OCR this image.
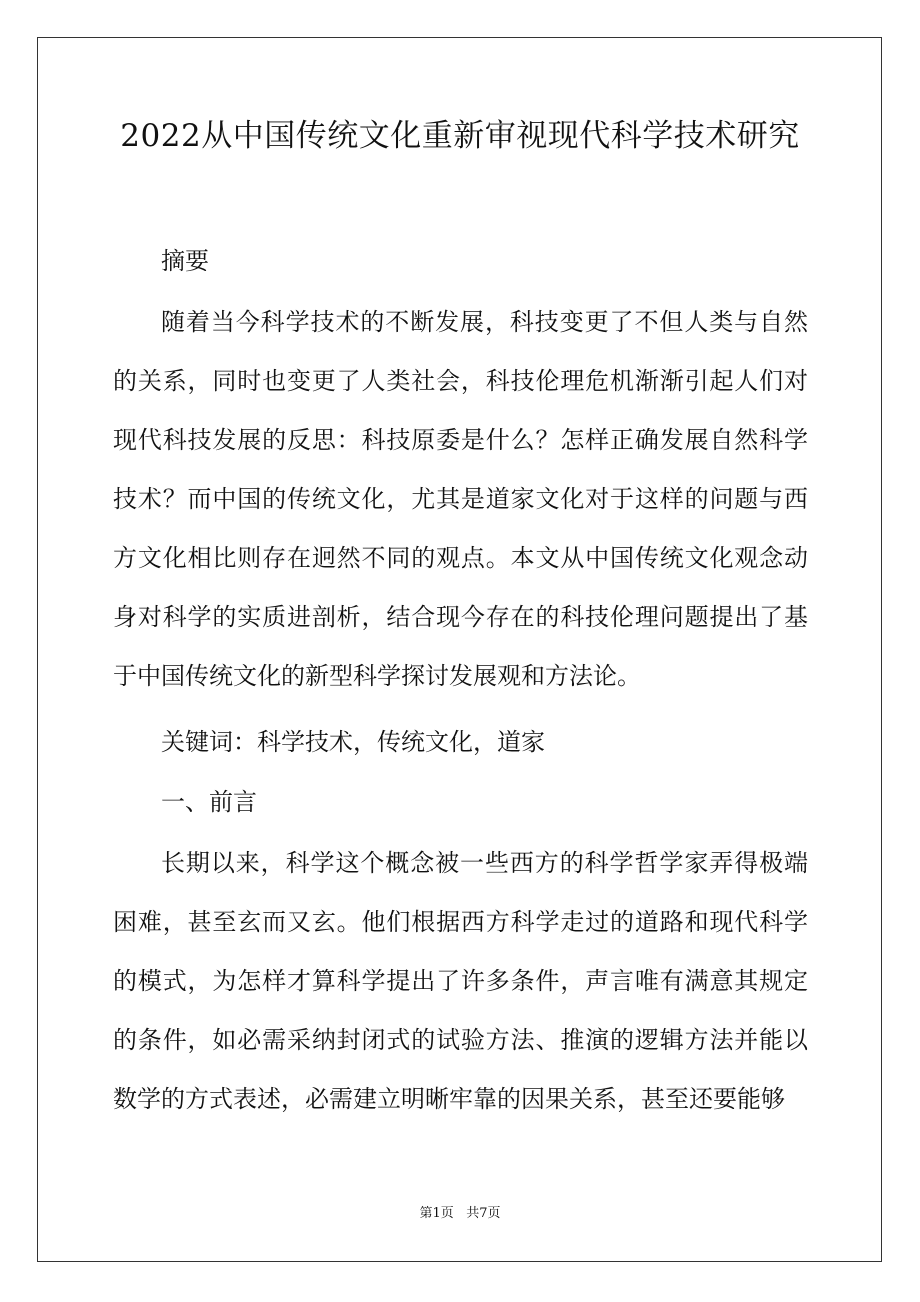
2022从中国传统文化重新审视现代科学技术研究

摘要

随着当今科学技术的不断发展，科技变更了不但人类与自然的关系，同时也变更了人类社会，科技伦理危机渐渐引起人们对现代科技发展的反思：科技原委是什么？怎样正确发展自然科学技术？而中国的传统文化，尤其是道家文化对于这样的问题与西方文化相比则存在迥然不同的观点。本文从中国传统文化观念动身对科学的实质进剖析，结合现今存在的科技伦理问题提出了基于中国传统文化的新型科学探讨发展观和方法论。

关键词：科学技术，传统文化，道家

一、前言

长期以来，科学这个概念被一些西方的科学哲学家弄得极端困难，甚至玄而又玄。他们根据西方科学走过的道路和现代科学的模式，为怎样才算科学提出了许多条件，声言唯有满意其规定的条件，如必需采纳封闭式的试验方法、推演的逻辑方法并能以数学的方式表述，必需建立明晰牢靠的因果关系，甚至还要能够

第1页 共7页
